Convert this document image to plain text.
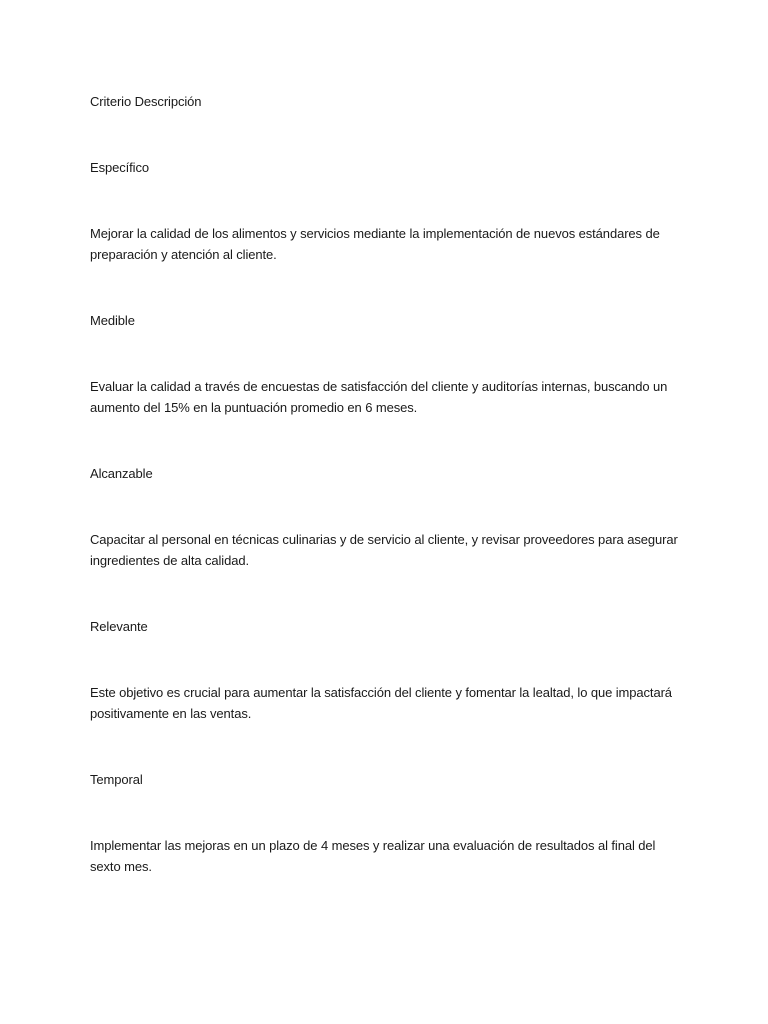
Criterio Descripción

Específico

Mejorar la calidad de los alimentos y servicios mediante la implementación de nuevos estándares de preparación y atención al cliente.

Medible

Evaluar la calidad a través de encuestas de satisfacción del cliente y auditorías internas, buscando un aumento del 15% en la puntuación promedio en 6 meses.

Alcanzable

Capacitar al personal en técnicas culinarias y de servicio al cliente, y revisar proveedores para asegurar ingredientes de alta calidad.

Relevante

Este objetivo es crucial para aumentar la satisfacción del cliente y fomentar la lealtad, lo que impactará positivamente en las ventas.

Temporal

Implementar las mejoras en un plazo de 4 meses y realizar una evaluación de resultados al final del sexto mes.
